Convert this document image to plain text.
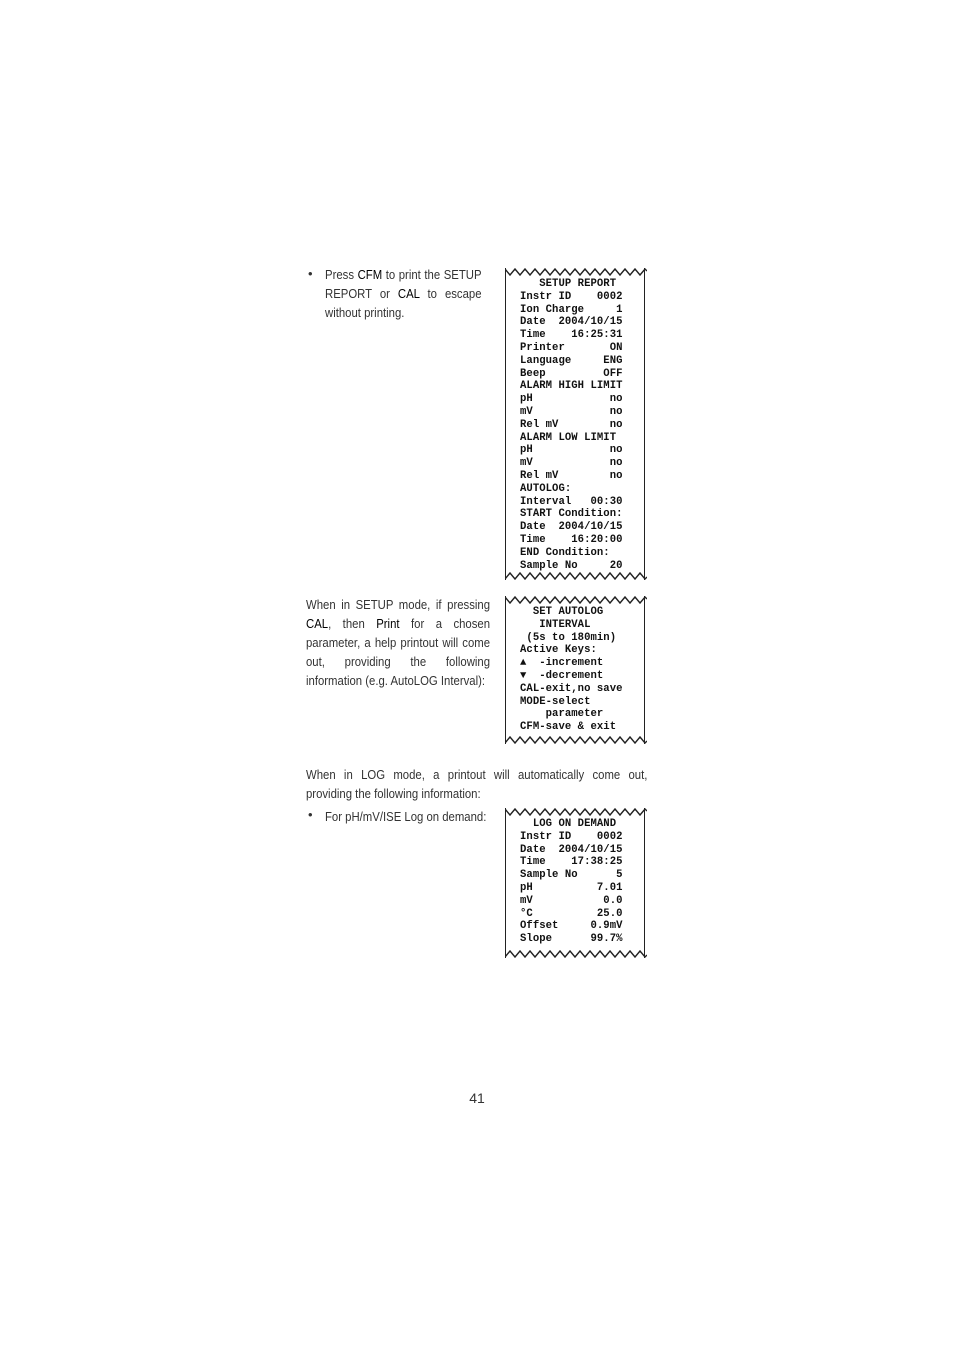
• Press CFM to print the SETUP REPORT or CAL to escape without printing.
SETUP REPORT
Instr ID    0002
Ion Charge     1
Date  2004/10/15
Time    16:25:31
Printer       ON
Language     ENG
Beep         OFF
ALARM HIGH LIMIT
pH            no
mV            no
Rel mV        no
ALARM LOW LIMIT
pH            no
mV            no
Rel mV        no
AUTOLOG:
Interval   00:30
START Condition:
Date  2004/10/15
Time    16:20:00
END Condition:
Sample No     20
When in SETUP mode, if pressing CAL, then Print for a chosen parameter, a help printout will come out, providing the following information (e.g. AutoLOG Interval):
SET AUTOLOG
INTERVAL
(5s to 180min)
Active Keys:
▲  -increment
▼  -decrement
CAL-exit,no save
MODE-select
parameter
CFM-save & exit
When in LOG mode, a printout will automatically come out, providing the following information:
• For pH/mV/ISE Log on demand:	LOG ON DEMAND
Instr ID    0002
Date  2004/10/15
Time    17:38:25
Sample No      5
pH          7.01
mV           0.0
°C          25.0
Offset     0.9mV
Slope      99.7%
41
